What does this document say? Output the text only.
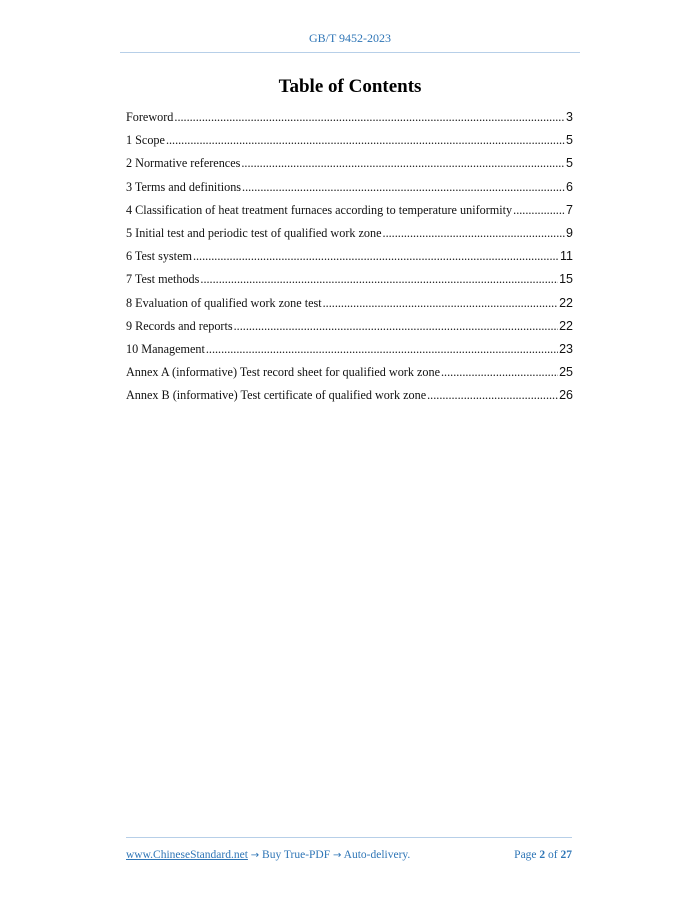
GB/T 9452-2023
Table of Contents
Foreword .....	3
1 Scope .....	5
2 Normative references .....	5
3 Terms and definitions .....	6
4 Classification of heat treatment furnaces according to temperature uniformity .....	7
5 Initial test and periodic test of qualified work zone .....	9
6 Test system .....	11
7 Test methods .....	15
8 Evaluation of qualified work zone test .....	22
9 Records and reports .....	22
10 Management .....	23
Annex A (informative) Test record sheet for qualified work zone .....	25
Annex B (informative) Test certificate of qualified work zone .....	26
www.ChineseStandard.net → Buy True-PDF → Auto-delivery.	Page 2 of 27
